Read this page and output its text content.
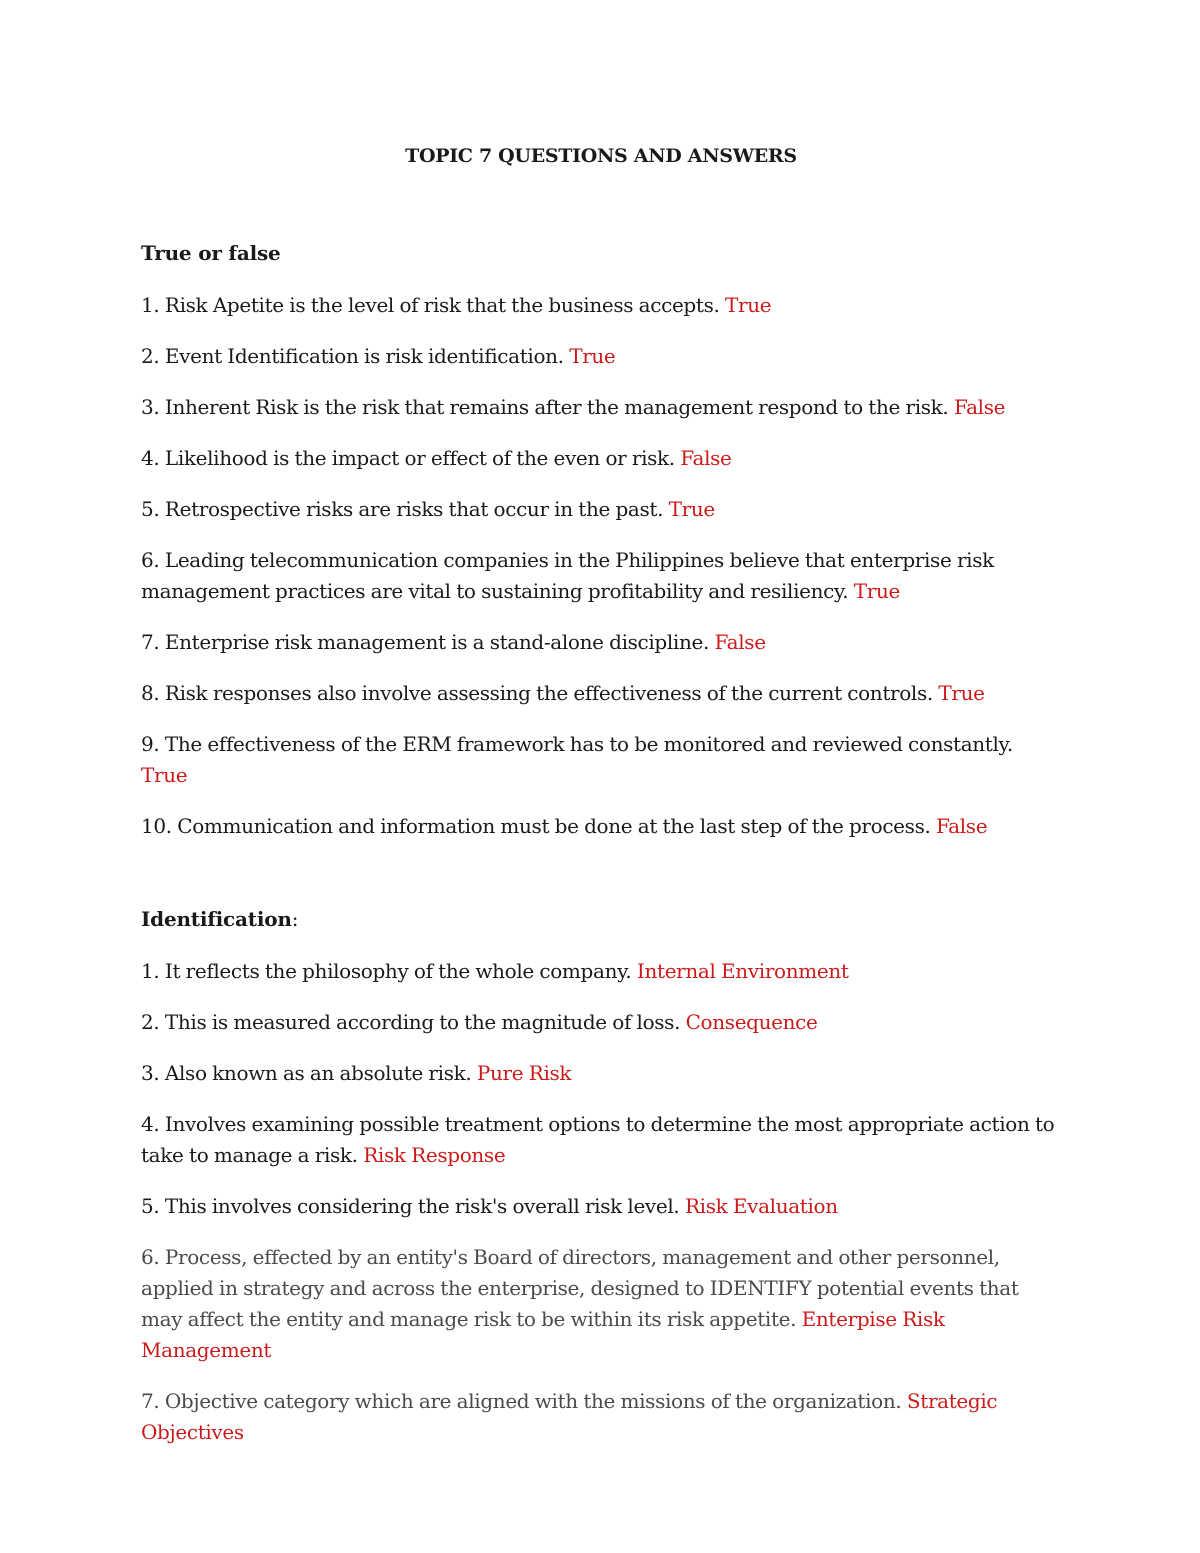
TOPIC 7 QUESTIONS AND ANSWERS
True or false

1. Risk Apetite is the level of risk that the business accepts. True

2. Event Identification is risk identification. True

3. Inherent Risk is the risk that remains after the management respond to the risk. False

4. Likelihood is the impact or effect of the even or risk. False

5. Retrospective risks are risks that occur in the past. True

6. Leading telecommunication companies in the Philippines believe that enterprise risk management practices are vital to sustaining profitability and resiliency. True

7. Enterprise risk management is a stand-alone discipline. False

8. Risk responses also involve assessing the effectiveness of the current controls. True

9. The effectiveness of the ERM framework has to be monitored and reviewed constantly. True

10. Communication and information must be done at the last step of the process. False

Identification:

1. It reflects the philosophy of the whole company. Internal Environment

2. This is measured according to the magnitude of loss. Consequence

3. Also known as an absolute risk. Pure Risk

4. Involves examining possible treatment options to determine the most appropriate action to take to manage a risk. Risk Response

5. This involves considering the risk's overall risk level. Risk Evaluation

6. Process, effected by an entity's Board of directors, management and other personnel, applied in strategy and across the enterprise, designed to IDENTIFY potential events that may affect the entity and manage risk to be within its risk appetite. Enterpise Risk Management

7. Objective category which are aligned with the missions of the organization. Strategic Objectives
